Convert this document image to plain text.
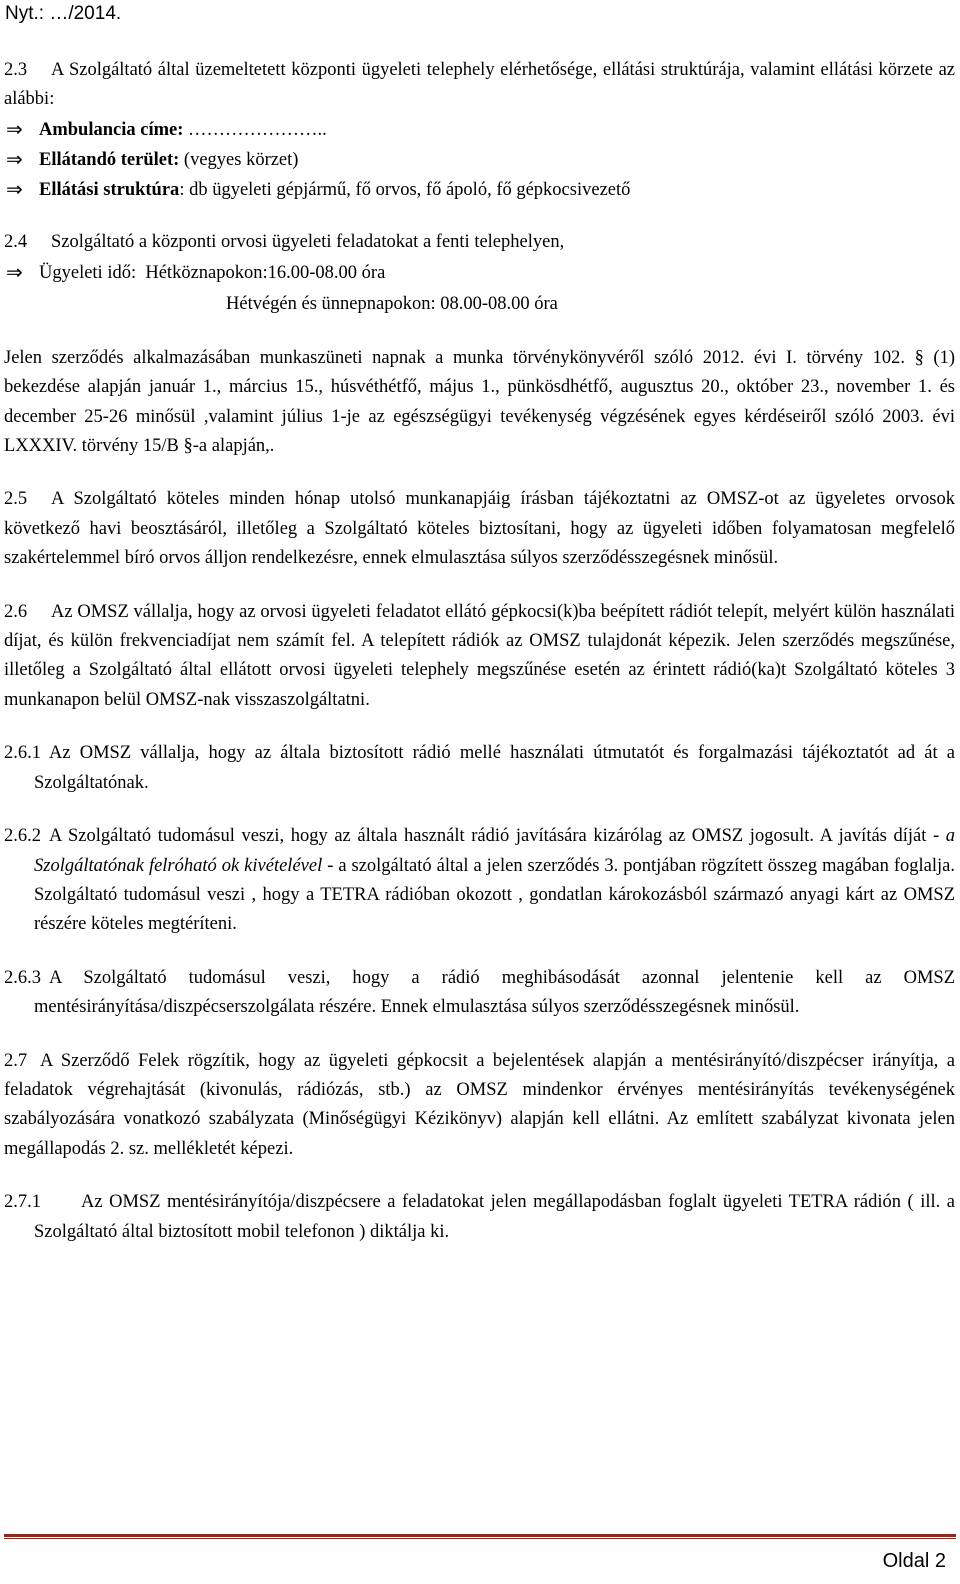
Nyt.: …/2014.

2.3 A Szolgáltató által üzemeltetett központi ügyeleti telephely elérhetősége, ellátási struktúrája, valamint ellátási körzete az alábbi:

⇒ Ambulancia címe: …………………..
⇒ Ellátandó terület: (vegyes körzet)
⇒ Ellátási struktúra: db ügyeleti gépjármű, fő orvos, fő ápoló, fő gépkocsivezető

2.4 Szolgáltató a központi orvosi ügyeleti feladatokat a fenti telephelyen,

⇒ Ügyeleti idő: Hétköznapokon:16.00-08.00 óra
Hétvégén és ünnepnapokon: 08.00-08.00 óra

Jelen szerződés alkalmazásában munkaszüneti napnak a munka törvénykönyvéről szóló 2012. évi I. törvény 102. § (1) bekezdése alapján január 1., március 15., húsvéthétfő, május 1., pünkösdhétfő, augusztus 20., október 23., november 1. és december 25-26 minősül ,valamint július 1-je az egészségügyi tevékenység végzésének egyes kérdéseiről szóló 2003. évi LXXXIV. törvény 15/B §-a alapján,.

2.5 A Szolgáltató köteles minden hónap utolsó munkanapjáig írásban tájékoztatni az OMSZ-ot az ügyeletes orvosok következő havi beosztásáról, illetőleg a Szolgáltató köteles biztosítani, hogy az ügyeleti időben folyamatosan megfelelő szakértelemmel bíró orvos álljon rendelkezésre, ennek elmulasztása súlyos szerződésszegésnek minősül.

2.6 Az OMSZ vállalja, hogy az orvosi ügyeleti feladatot ellátó gépkocsi(k)ba beépített rádiót telepít, melyért külön használati díjat, és külön frekvenciadíjat nem számít fel. A telepített rádiók az OMSZ tulajdonát képezik. Jelen szerződés megszűnése, illetőleg a Szolgáltató által ellátott orvosi ügyeleti telephely megszűnése esetén az érintett rádió(ka)t Szolgáltató köteles 3 munkanapon belül OMSZ-nak visszaszolgáltatni.

2.6.1 Az OMSZ vállalja, hogy az általa biztosított rádió mellé használati útmutatót és forgalmazási tájékoztatót ad át a Szolgáltatónak.

2.6.2 A Szolgáltató tudomásul veszi, hogy az általa használt rádió javítására kizárólag az OMSZ jogosult. A javítás díját - a Szolgáltatónak felróható ok kivételével - a szolgáltató által a jelen szerződés 3. pontjában rögzített összeg magában foglalja. Szolgáltató tudomásul veszi , hogy a TETRA rádióban okozott , gondatlan károkozásból származó anyagi kárt az OMSZ részére köteles megtéríteni.

2.6.3 A Szolgáltató tudomásul veszi, hogy a rádió meghibásodását azonnal jelentenie kell az OMSZ mentésirányítása/diszpécserszolgálata részére. Ennek elmulasztása súlyos szerződésszegésnek minősül.

2.7 A Szerződő Felek rögzítik, hogy az ügyeleti gépkocsit a bejelentések alapján a mentésirányító/diszpécser irányítja, a feladatok végrehajtását (kivonulás, rádiózás, stb.) az OMSZ mindenkor érvényes mentésirányítás tevékenységének szabályozására vonatkozó szabályzata (Minőségügyi Kézikönyv) alapján kell ellátni. Az említett szabályzat kivonata jelen megállapodás 2. sz. mellékletét képezi.

2.7.1 Az OMSZ mentésirányítója/diszpécsere a feladatokat jelen megállapodásban foglalt ügyeleti TETRA rádión ( ill. a Szolgáltató által biztosított mobil telefonon ) diktálja ki.

Oldal 2
